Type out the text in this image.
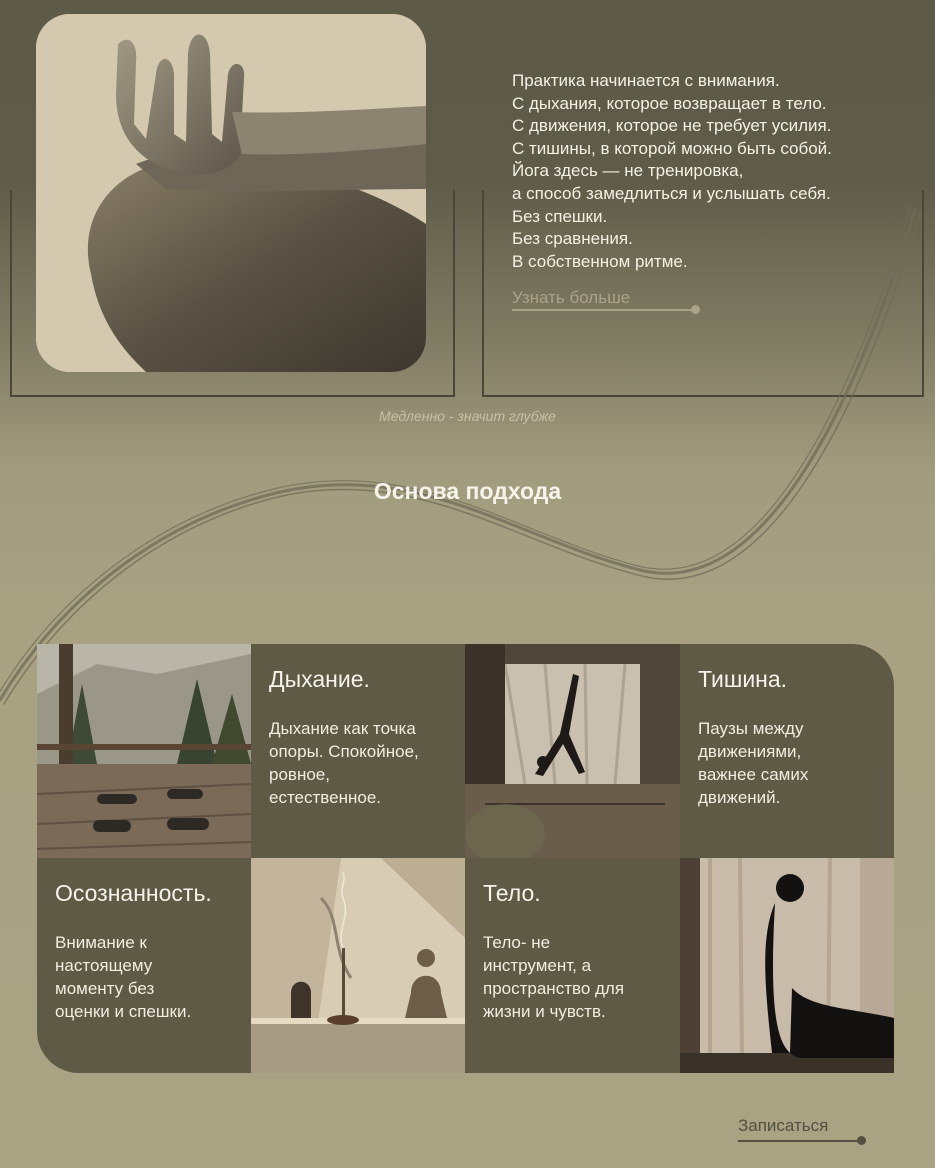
Практика начинается с внимания.
С дыхания, которое возвращает в тело.
С движения, которое не требует усилия.
С тишины, в которой можно быть собой.
Йога здесь — не тренировка,
а способ замедлиться и услышать себя.
Без спешки.
Без сравнения.
В собственном ритме.
Узнать больше
Медленно - значит глубже
Основа подхода
Дыхание.
Дыхание как точка
опоры. Спокойное,
ровное,
естественное.
Тишина.
Паузы между
движениями,
важнее самих
движений.
Осознанность.
Внимание к
настоящему
моменту без
оценки и спешки.
Тело.
Тело- не
инструмент, а
пространство для
жизни и чувств.
Записаться
